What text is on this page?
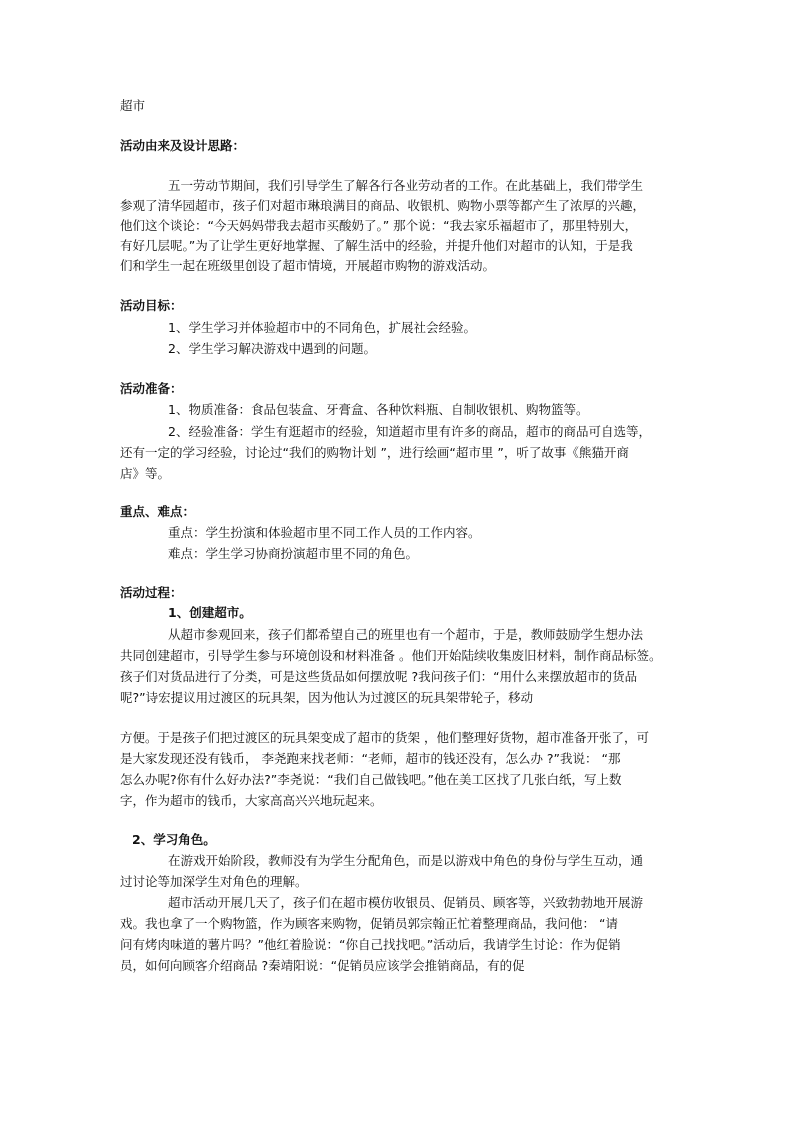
超市
活动由来及设计思路：
五一劳动节期间，我们引导学生了解各行各业劳动者的工作。在此基础上，我们带学生
参观了清华园超市，孩子们对超市琳琅满目的商品、收银机、购物小票等都产生了浓厚的兴趣，
他们这个谈论：“今天妈妈带我去超市买酸奶了。” 那个说：“我去家乐福超市了，那里特别大，
有好几层呢。”为了让学生更好地掌握、了解生活中的经验，并提升他们对超市的认知，于是我
们和学生一起在班级里创设了超市情境，开展超市购物的游戏活动。
活动目标：
1、学生学习并体验超市中的不同角色，扩展社会经验。
2、学生学习解决游戏中遇到的问题。
活动准备：
1、物质准备：食品包装盒、牙膏盒、各种饮料瓶、自制收银机、购物篮等。
2、经验准备：学生有逛超市的经验，知道超市里有许多的商品，超市的商品可自选等，
还有一定的学习经验，讨论过“我们的购物计划 ”，进行绘画“超市里 ”，听了故事《熊猫开商
店》等。
重点、难点：
重点：学生扮演和体验超市里不同工作人员的工作内容。
难点：学生学习协商扮演超市里不同的角色。
活动过程：
1、创建超市。
从超市参观回来，孩子们都希望自己的班里也有一个超市，于是，教师鼓励学生想办法
共同创建超市，引导学生参与环境创设和材料准备 。他们开始陆续收集废旧材料，制作商品标签。
孩子们对货品进行了分类，可是这些货品如何摆放呢 ?我问孩子们：“用什么来摆放超市的货品
呢?”诗宏提议用过渡区的玩具架，因为他认为过渡区的玩具架带轮子，移动
方便。于是孩子们把过渡区的玩具架变成了超市的货架 ，他们整理好货物，超市准备开张了，可
是大家发现还没有钱币， 李尧跑来找老师：“老师，超市的钱还没有，怎么办 ?”我说： “那
怎么办呢?你有什么好办法?”李尧说：“我们自己做钱吧。”他在美工区找了几张白纸，写上数
字，作为超市的钱币，大家高高兴兴地玩起来。
2、学习角色。
在游戏开始阶段，教师没有为学生分配角色，而是以游戏中角色的身份与学生互动，通
过讨论等加深学生对角色的理解。
超市活动开展几天了，孩子们在超市模仿收银员、促销员、顾客等，兴致勃勃地开展游
戏。我也拿了一个购物篮，作为顾客来购物，促销员郭宗翰正忙着整理商品，我问他： “请
问有烤肉味道的薯片吗？”他红着脸说：“你自己找找吧。”活动后，我请学生讨论：作为促销
员，如何向顾客介绍商品 ?秦靖阳说：“促销员应该学会推销商品，有的促
